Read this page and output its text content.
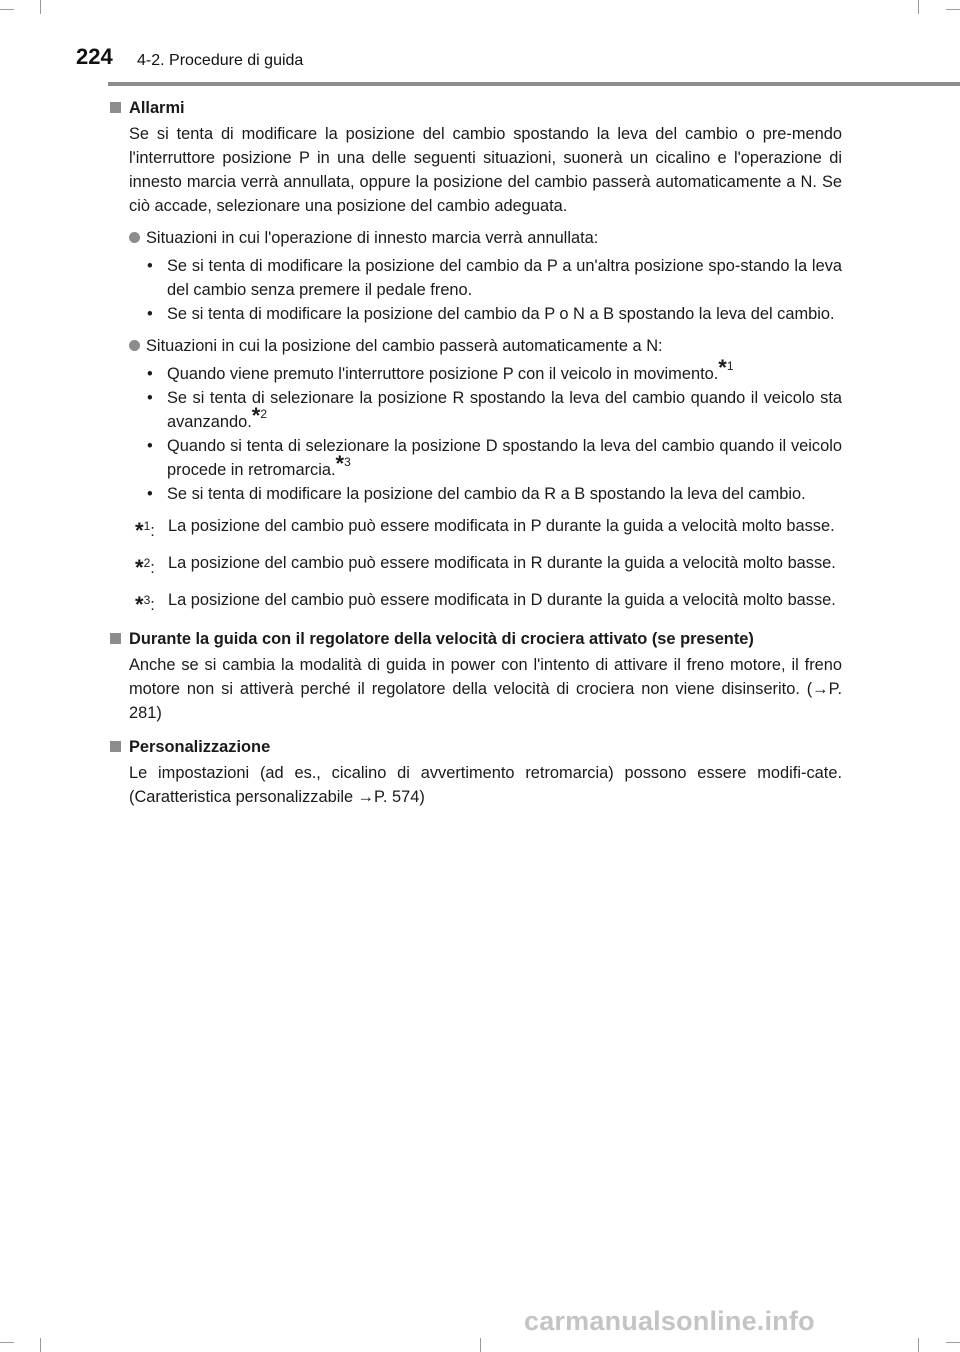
224 4-2. Procedure di guida
Allarmi
Se si tenta di modificare la posizione del cambio spostando la leva del cambio o pre-mendo l'interruttore posizione P in una delle seguenti situazioni, suonerà un cicalino e l'operazione di innesto marcia verrà annullata, oppure la posizione del cambio passerà automaticamente a N. Se ciò accade, selezionare una posizione del cambio adeguata.
Situazioni in cui l'operazione di innesto marcia verrà annullata:
• Se si tenta di modificare la posizione del cambio da P a un'altra posizione spo-stando la leva del cambio senza premere il pedale freno.
• Se si tenta di modificare la posizione del cambio da P o N a B spostando la leva del cambio.
Situazioni in cui la posizione del cambio passerà automaticamente a N:
• Quando viene premuto l'interruttore posizione P con il veicolo in movimento.$^{*1}$
• Se si tenta di selezionare la posizione R spostando la leva del cambio quando il veicolo sta avanzando.$^{*2}$
• Quando si tenta di selezionare la posizione D spostando la leva del cambio quando il veicolo procede in retromarcia.$^{*3}$
• Se si tenta di modificare la posizione del cambio da R a B spostando la leva del cambio.
*$^1$: La posizione del cambio può essere modificata in P durante la guida a velocità molto basse.
*$^2$: La posizione del cambio può essere modificata in R durante la guida a velocità molto basse.
*$^3$: La posizione del cambio può essere modificata in D durante la guida a velocità molto basse.
Durante la guida con il regolatore della velocità di crociera attivato (se presente)
Anche se si cambia la modalità di guida in power con l'intento di attivare il freno motore, il freno motore non si attiverà perché il regolatore della velocità di crociera non viene disinserito. (→P. 281)
Personalizzazione
Le impostazioni (ad es., cicalino di avvertimento retromarcia) possono essere modifi-cate. (Caratteristica personalizzabile →P. 574)
carmanualsonline.info
